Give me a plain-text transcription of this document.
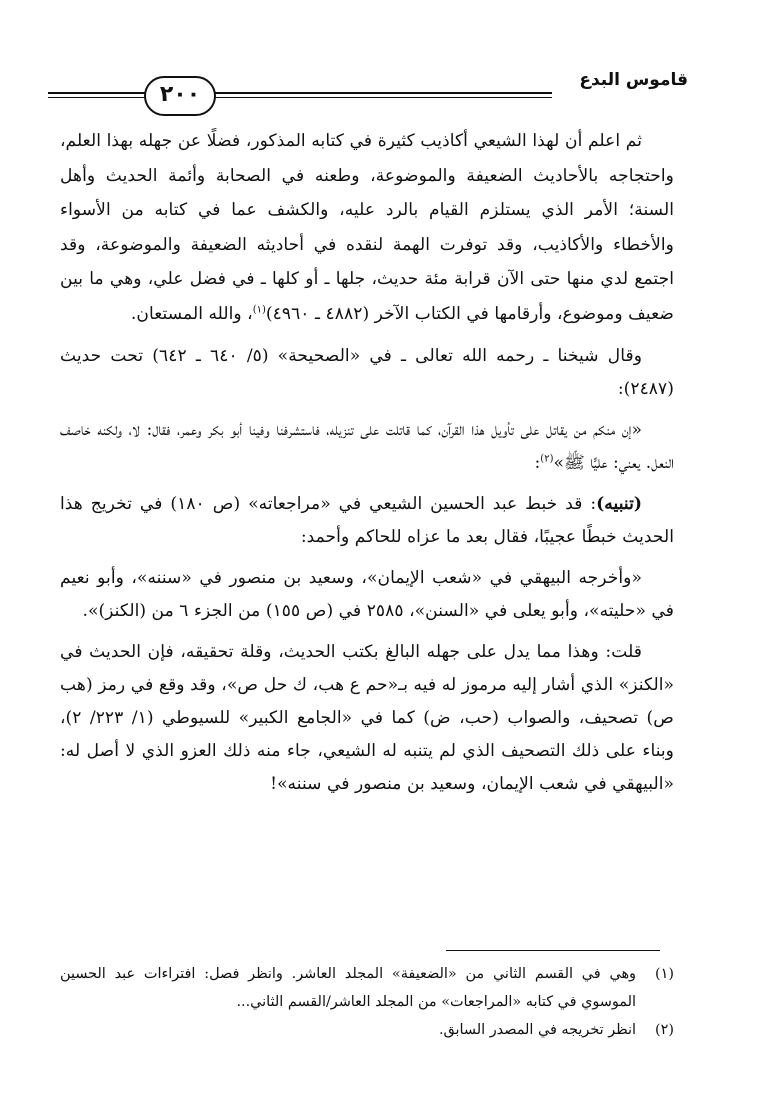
٢٠٠
قاموس البدع

ثم اعلم أن لهذا الشيعي أكاذيب كثيرة في كتابه المذكور، فضلًا عن جهله بهذا العلم، واحتجاجه بالأحاديث الضعيفة والموضوعة، وطعنه في الصحابة وأئمة الحديث وأهل السنة؛ الأمر الذي يستلزم القيام بالرد عليه، والكشف عما في كتابه من الأسواء والأخطاء والأكاذيب، وقد توفرت الهمة لنقده في أحاديثه الضعيفة والموضوعة، وقد اجتمع لدي منها حتى الآن قرابة مئة حديث، جلها ـ أو كلها ـ في فضل علي، وهي ما بين ضعيف وموضوع، وأرقامها في الكتاب الآخر (٤٨٨٢ ـ ٤٩٦٠)$^{(١)}$، والله المستعان.

وقال شيخنا ـ رحمه الله تعالى ـ في «الصحيحة» (٥/ ٦٤٠ ـ ٦٤٢) تحت حديث (٢٤٨٧):

«إن منكم من يقاتل على تأويل هذا القرآن، كما قاتلت على تنزيله، فاستشرفنا وفينا أبو بكر وعمر، فقال: لا، ولكنه خاصف النعل. يعني: عليًّا ﷺ»$^{(٢)}$:

(تنبيه): قد خبط عبد الحسين الشيعي في «مراجعاته» (ص ١٨٠) في تخريج هذا الحديث خبطًا عجيبًا، فقال بعد ما عزاه للحاكم وأحمد:

«وأخرجه البيهقي في «شعب الإيمان»، وسعيد بن منصور في «سننه»، وأبو نعيم في «حليته»، وأبو يعلى في «السنن»، ٢٥٨٥ في (ص ١٥٥) من الجزء ٦ من (الكنز)».

قلت: وهذا مما يدل على جهله البالغ بكتب الحديث، وقلة تحقيقه، فإن الحديث في «الكنز» الذي أشار إليه مرموز له فيه بـ«حم ع هب، ك حل ص»، وقد وقع في رمز (هب ص) تصحيف، والصواب (حب، ض) كما في «الجامع الكبير» للسيوطي (١/ ٢٢٣/ ٢)، وبناء على ذلك التصحيف الذي لم يتنبه له الشيعي، جاء منه ذلك العزو الذي لا أصل له: «البيهقي في شعب الإيمان، وسعيد بن منصور في سننه»!

(١)
وهي في القسم الثاني من «الضعيفة» المجلد العاشر. وانظر فصل: افتراءات عبد الحسين الموسوي في كتابه «المراجعات» من المجلد العاشر/القسم الثاني...

(٢)
انظر تخريجه في المصدر السابق.
